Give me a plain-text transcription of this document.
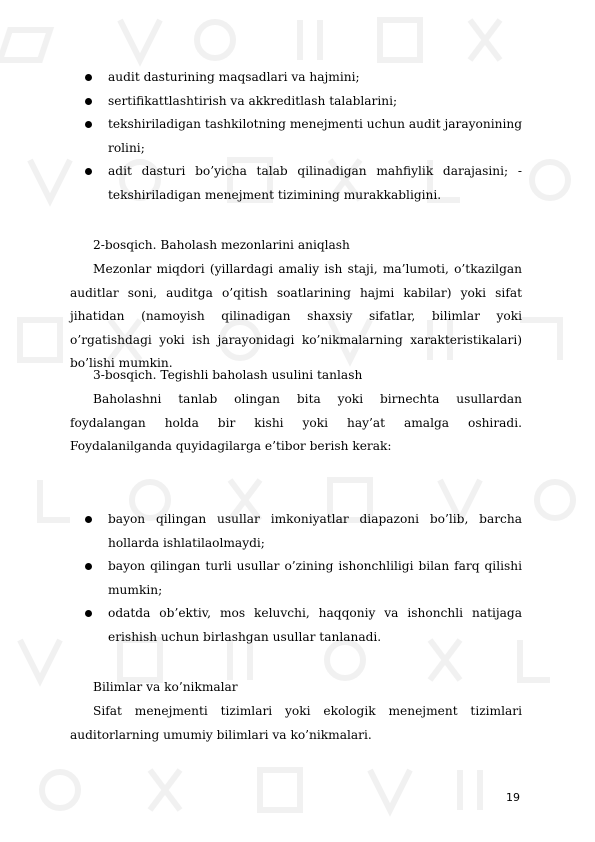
audit dasturining maqsadlari va hajmini;
sertifikattlashtirish va akkreditlash talablarini;
tekshiriladigan tashkilotning menejmenti uchun audit jarayonining rolini;
adit dasturi bo’yicha talab qilinadigan mahfiylik darajasini; - tekshiriladigan menejment tizimining murakkabligini.
2-bosqich. Baholash mezonlarini aniqlash
Mezonlar miqdori (yillardagi amaliy ish staji, ma’lumoti, o’tkazilgan auditlar soni, auditga o’qitish soatlarining hajmi kabilar) yoki sifat jihatidan (namoyish qilinadigan shaxsiy sifatlar, bilimlar yoki o’rgatishdagi yoki ish jarayonidagi ko’nikmalarning xarakteristikalari) bo’lishi mumkin.
3-bosqich. Tegishli baholash usulini tanlash
Baholashni tanlab olingan bita yoki birnechta usullardan foydalangan holda bir kishi yoki hay’at amalga oshiradi. Foydalanilganda quyidagilarga e’tibor berish kerak:
bayon qilingan usullar imkoniyatlar diapazoni bo’lib, barcha hollarda ishlatilaolmaydi;
bayon qilingan turli usullar o’zining ishonchliligi bilan farq qilishi mumkin;
odatda ob’ektiv, mos keluvchi, haqqoniy va ishonchli natijaga erishish uchun birlashgan usullar tanlanadi.
Bilimlar va ko’nikmalar
Sifat menejmenti tizimlari yoki ekologik menejment tizimlari auditorlarning umumiy bilimlari va ko’nikmalari.
19
